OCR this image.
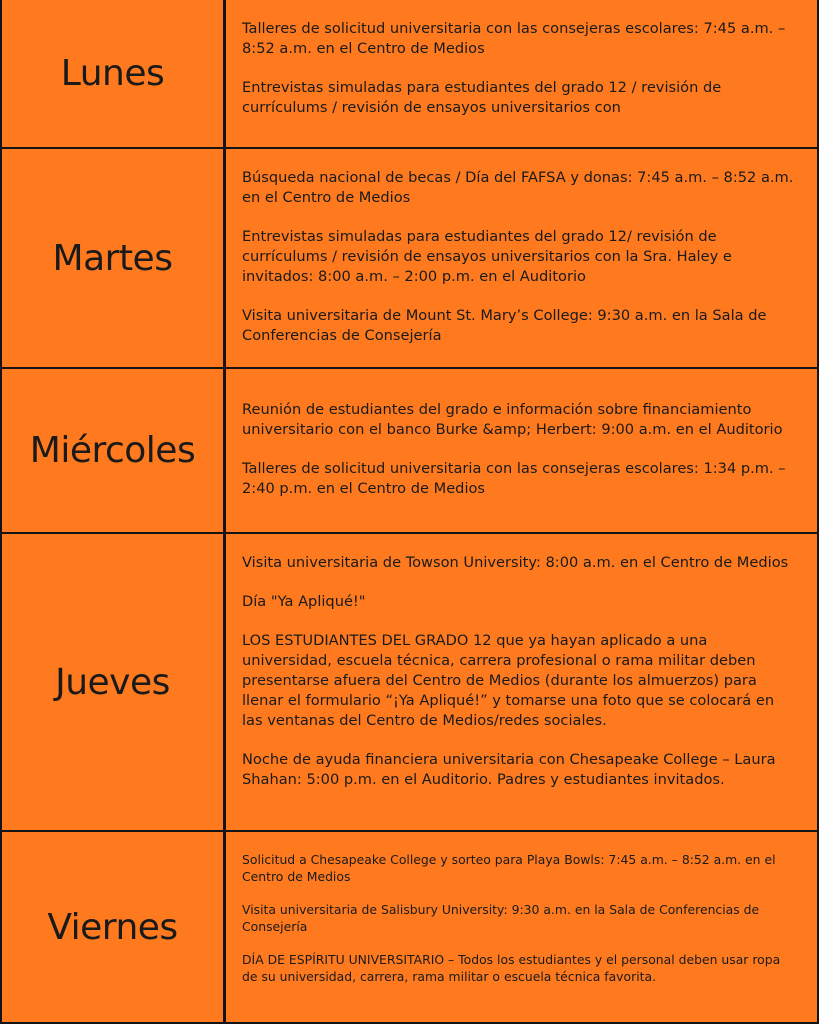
Lunes

Talleres de solicitud universitaria con las consejeras escolares: 7:45 a.m. – 8:52 a.m. en el Centro de Medios

Entrevistas simuladas para estudiantes del grado 12 / revisión de currículums / revisión de ensayos universitarios con

Martes

Búsqueda nacional de becas / Día del FAFSA y donas: 7:45 a.m. – 8:52 a.m. en el Centro de Medios

Entrevistas simuladas para estudiantes del grado 12/ revisión de currículums / revisión de ensayos universitarios con la Sra. Haley e invitados: 8:00 a.m. – 2:00 p.m. en el Auditorio

Visita universitaria de Mount St. Mary’s College: 9:30 a.m. en la Sala de Conferencias de Consejería

Miércoles

Reunión de estudiantes del grado e información sobre financiamiento universitario con el banco Burke &amp; Herbert: 9:00 a.m. en el Auditorio

Talleres de solicitud universitaria con las consejeras escolares: 1:34 p.m. – 2:40 p.m. en el Centro de Medios

Jueves

Visita universitaria de Towson University: 8:00 a.m. en el Centro de Medios

Día "Ya Apliqué!"

LOS ESTUDIANTES DEL GRADO 12 que ya hayan aplicado a una universidad, escuela técnica, carrera profesional o rama militar deben presentarse afuera del Centro de Medios (durante los almuerzos) para llenar el formulario “¡Ya Apliqué!” y tomarse una foto que se colocará en las ventanas del Centro de Medios/redes sociales.

Noche de ayuda financiera universitaria con Chesapeake College – Laura Shahan: 5:00 p.m. en el Auditorio. Padres y estudiantes invitados.

Viernes

Solicitud a Chesapeake College y sorteo para Playa Bowls: 7:45 a.m. – 8:52 a.m. en el Centro de Medios

Visita universitaria de Salisbury University: 9:30 a.m. en la Sala de Conferencias de Consejería

DÍA DE ESPÍRITU UNIVERSITARIO – Todos los estudiantes y el personal deben usar ropa de su universidad, carrera, rama militar o escuela técnica favorita.
